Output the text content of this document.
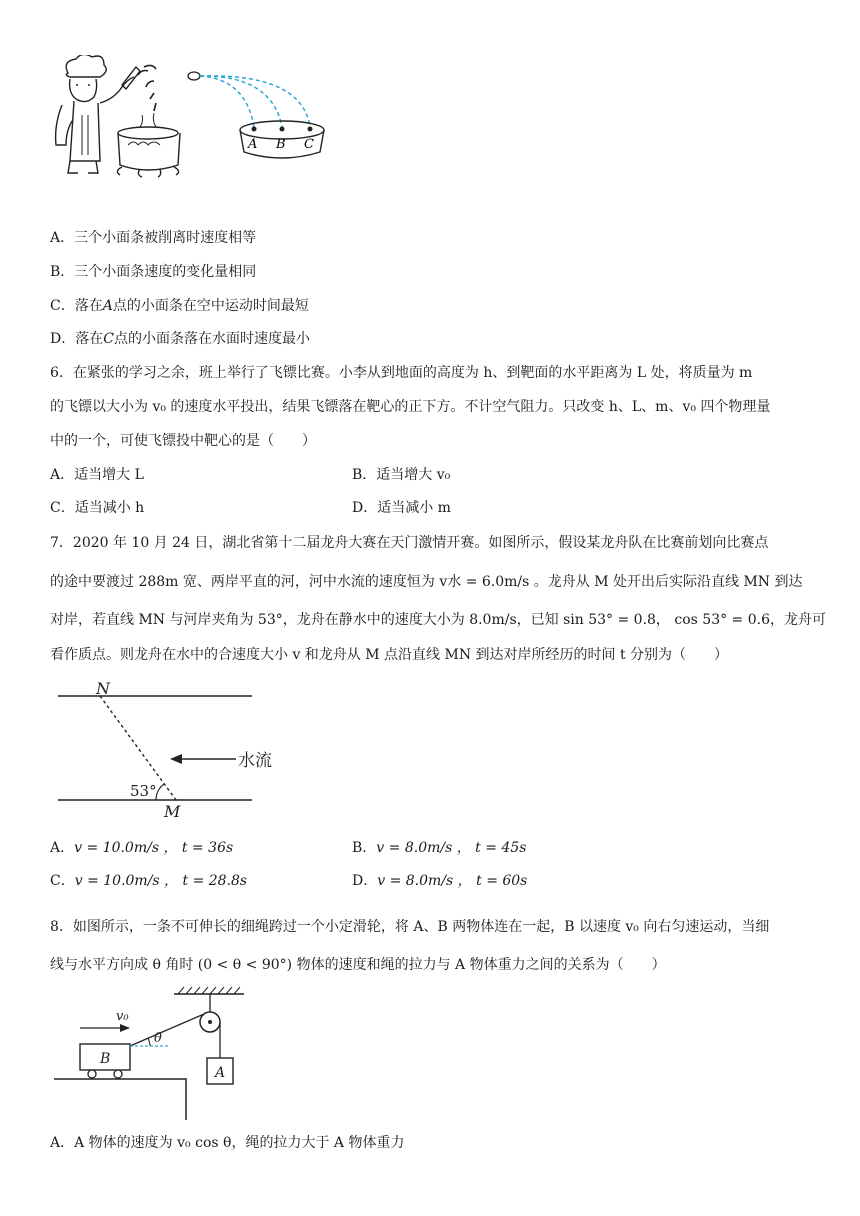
A B C
A．三个小面条被削离时速度相等
B．三个小面条速度的变化量相同
C．落在A点的小面条在空中运动时间最短
D．落在C点的小面条落在水面时速度最小
6．在紧张的学习之余，班上举行了飞镖比赛。小李从到地面的高度为 h、到靶面的水平距离为 L 处，将质量为 m
的飞镖以大小为 v₀ 的速度水平投出，结果飞镖落在靶心的正下方。不计空气阻力。只改变 h、L、m、v₀ 四个物理量
中的一个，可使飞镖投中靶心的是（　　）
A．适当增大 L	B．适当增大 v₀
C．适当减小 h	D．适当减小 m
7．2020 年 10 月 24 日，湖北省第十二届龙舟大赛在天门激情开赛。如图所示，假设某龙舟队在比赛前划向比赛点
的途中要渡过 288m 宽、两岸平直的河，河中水流的速度恒为 v水 = 6.0m/s 。龙舟从 M 处开出后实际沿直线 MN 到达
对岸，若直线 MN 与河岸夹角为 53°，龙舟在静水中的速度大小为 8.0m/s，已知 sin 53° = 0.8， cos 53° = 0.6，龙舟可
看作质点。则龙舟在水中的合速度大小 v 和龙舟从 M 点沿直线 MN 到达对岸所经历的时间 t 分别为（　　）
N
M
53°
水流
A．v = 10.0m/s ， t = 36s	B．v = 8.0m/s ， t = 45s
C．v = 10.0m/s ， t = 28.8s	D．v = 8.0m/s ， t = 60s
8．如图所示，一条不可伸长的细绳跨过一个小定滑轮，将 A、B 两物体连在一起，B 以速度 v₀ 向右匀速运动，当细
线与水平方向成 θ 角时 (0 < θ < 90°) 物体的速度和绳的拉力与 A 物体重力之间的关系为（　　）
A
B
θ
v₀
A．A 物体的速度为 v₀ cos θ，绳的拉力大于 A 物体重力
